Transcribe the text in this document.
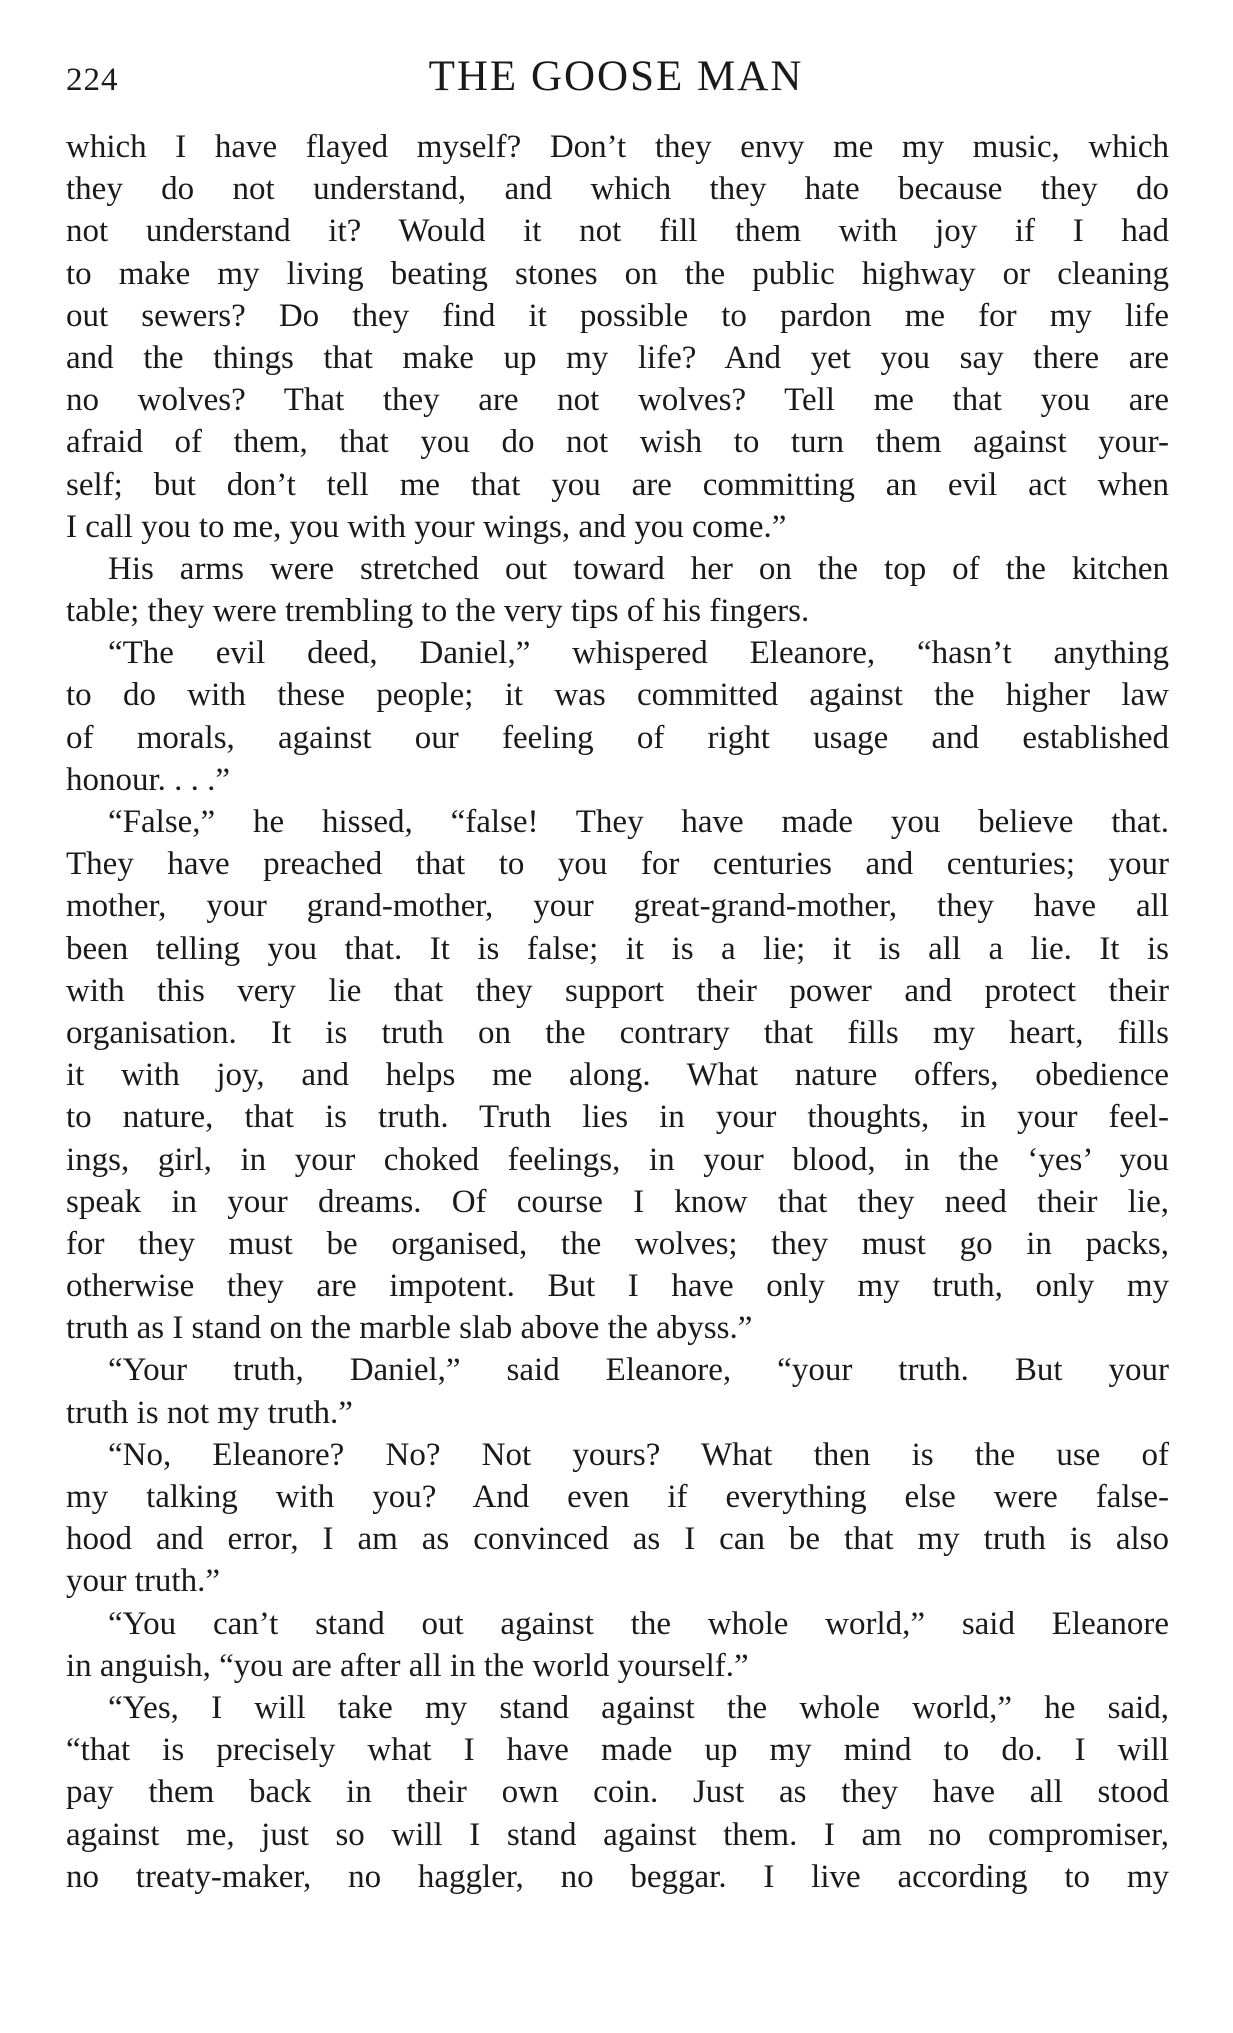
224	THE GOOSE MAN
which I have flayed myself? Don’t they envy me my music, which
they do not understand, and which they hate because they do
not understand it? Would it not fill them with joy if I had
to make my living beating stones on the public highway or cleaning
out sewers? Do they find it possible to pardon me for my life
and the things that make up my life? And yet you say there are
no wolves? That they are not wolves? Tell me that you are
afraid of them, that you do not wish to turn them against your-
self; but don’t tell me that you are committing an evil act when
I call you to me, you with your wings, and you come.”
His arms were stretched out toward her on the top of the kitchen
table; they were trembling to the very tips of his fingers.
“The evil deed, Daniel,” whispered Eleanore, “hasn’t anything
to do with these people; it was committed against the higher law
of morals, against our feeling of right usage and established
honour. . . .”
“False,” he hissed, “false! They have made you believe that.
They have preached that to you for centuries and centuries; your
mother, your grand-mother, your great-grand-mother, they have all
been telling you that. It is false; it is a lie; it is all a lie. It is
with this very lie that they support their power and protect their
organisation. It is truth on the contrary that fills my heart, fills
it with joy, and helps me along. What nature offers, obedience
to nature, that is truth. Truth lies in your thoughts, in your feel-
ings, girl, in your choked feelings, in your blood, in the ‘yes’ you
speak in your dreams. Of course I know that they need their lie,
for they must be organised, the wolves; they must go in packs,
otherwise they are impotent. But I have only my truth, only my
truth as I stand on the marble slab above the abyss.”
“Your truth, Daniel,” said Eleanore, “your truth. But your
truth is not my truth.”
“No, Eleanore? No? Not yours? What then is the use of
my talking with you? And even if everything else were false-
hood and error, I am as convinced as I can be that my truth is also
your truth.”
“You can’t stand out against the whole world,” said Eleanore
in anguish, “you are after all in the world yourself.”
“Yes, I will take my stand against the whole world,” he said,
“that is precisely what I have made up my mind to do. I will
pay them back in their own coin. Just as they have all stood
against me, just so will I stand against them. I am no compromiser,
no treaty-maker, no haggler, no beggar. I live according to my
